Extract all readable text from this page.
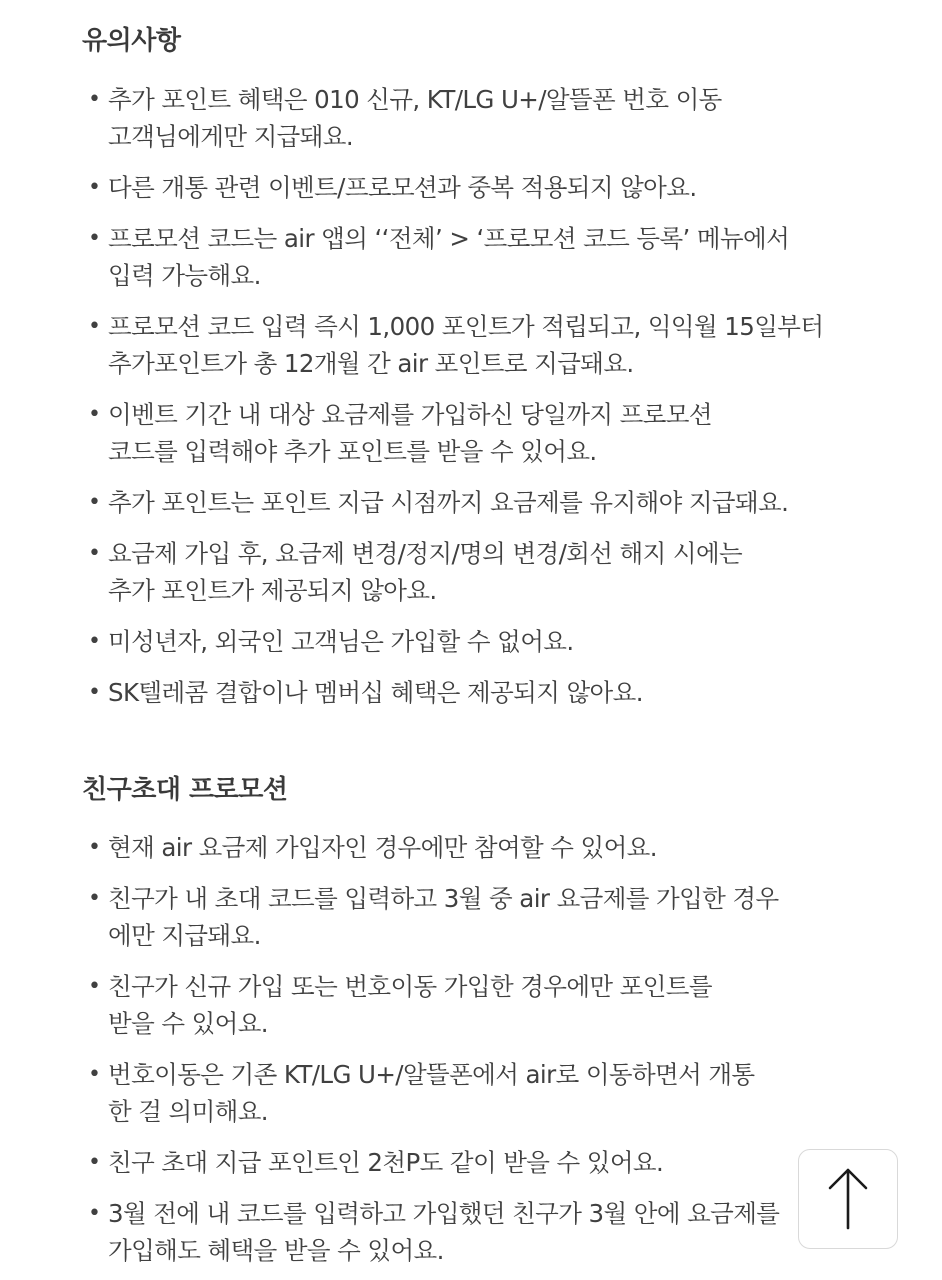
유의사항
• 추가 포인트 혜택은 010 신규, KT/LG U+/알뜰폰 번호 이동
고객님에게만 지급돼요.
• 다른 개통 관련 이벤트/프로모션과 중복 적용되지 않아요.
• 프로모션 코드는 air 앱의 ‘‘전체’ > ‘프로모션 코드 등록’ 메뉴에서
입력 가능해요.
• 프로모션 코드 입력 즉시 1,000 포인트가 적립되고, 익익월 15일부터
추가포인트가 총 12개월 간 air 포인트로 지급돼요.
• 이벤트 기간 내 대상 요금제를 가입하신 당일까지 프로모션
코드를 입력해야 추가 포인트를 받을 수 있어요.
• 추가 포인트는 포인트 지급 시점까지 요금제를 유지해야 지급돼요.
• 요금제 가입 후, 요금제 변경/정지/명의 변경/회선 해지 시에는
추가 포인트가 제공되지 않아요.
• 미성년자, 외국인 고객님은 가입할 수 없어요.
• SK텔레콤 결합이나 멤버십 혜택은 제공되지 않아요.
친구초대 프로모션
• 현재 air 요금제 가입자인 경우에만 참여할 수 있어요.
• 친구가 내 초대 코드를 입력하고 3월 중 air 요금제를 가입한 경우
에만 지급돼요.
• 친구가 신규 가입 또는 번호이동 가입한 경우에만 포인트를
받을 수 있어요.
• 번호이동은 기존 KT/LG U+/알뜰폰에서 air로 이동하면서 개통
한 걸 의미해요.
• 친구 초대 지급 포인트인 2천P도 같이 받을 수 있어요.
• 3월 전에 내 코드를 입력하고 가입했던 친구가 3월 안에 요금제를
가입해도 혜택을 받을 수 있어요.
